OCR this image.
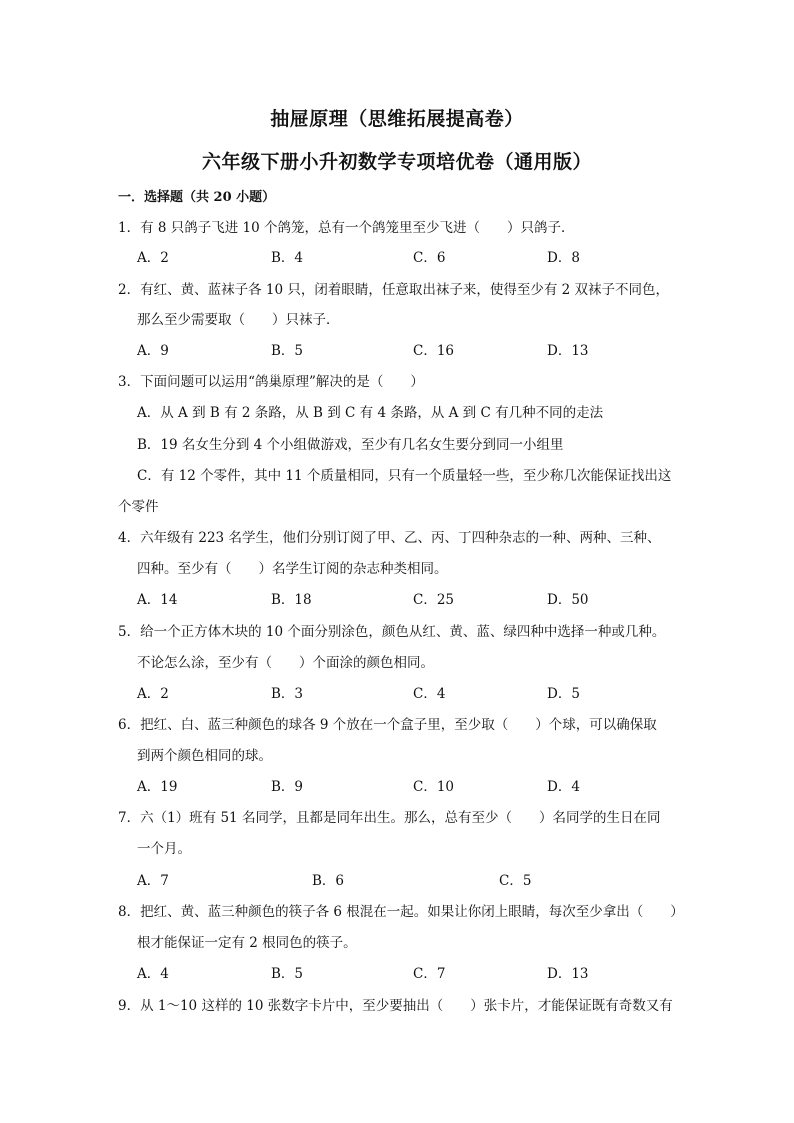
抽屉原理（思维拓展提高卷）
六年级下册小升初数学专项培优卷（通用版）
一．选择题（共 20 小题）
1．有 8 只鸽子飞进 10 个鸽笼，总有一个鸽笼里至少飞进（　　）只鸽子．
A．2	B．4	C．6	D．8
2．有红、黄、蓝袜子各 10 只，闭着眼睛，任意取出袜子来，使得至少有 2 双袜子不同色，
那么至少需要取（　　）只袜子．
A．9	B．5	C．16	D．13
3．下面问题可以运用“鸽巢原理”解决的是（　　）
A．从 A 到 B 有 2 条路，从 B 到 C 有 4 条路，从 A 到 C 有几种不同的走法
B．19 名女生分到 4 个小组做游戏，至少有几名女生要分到同一小组里
C．有 12 个零件，其中 11 个质量相同，只有一个质量轻一些，至少称几次能保证找出这
个零件
4．六年级有 223 名学生，他们分别订阅了甲、乙、丙、丁四种杂志的一种、两种、三种、
四种。至少有（　　）名学生订阅的杂志种类相同。
A．14	B．18	C．25	D．50
5．给一个正方体木块的 10 个面分别涂色，颜色从红、黄、蓝、绿四种中选择一种或几种。
不论怎么涂，至少有（　　）个面涂的颜色相同。
A．2	B．3	C．4	D．5
6．把红、白、蓝三种颜色的球各 9 个放在一个盒子里，至少取（　　）个球，可以确保取
到两个颜色相同的球。
A．19	B．9	C．10	D．4
7．六（1）班有 51 名同学，且都是同年出生。那么，总有至少（　　）名同学的生日在同
一个月。
A．7	B．6	C．5
8．把红、黄、蓝三种颜色的筷子各 6 根混在一起。如果让你闭上眼睛，每次至少拿出（　　）
根才能保证一定有 2 根同色的筷子。
A．4	B．5	C．7	D．13
9．从 1～10 这样的 10 张数字卡片中，至少要抽出（　　）张卡片，才能保证既有奇数又有
